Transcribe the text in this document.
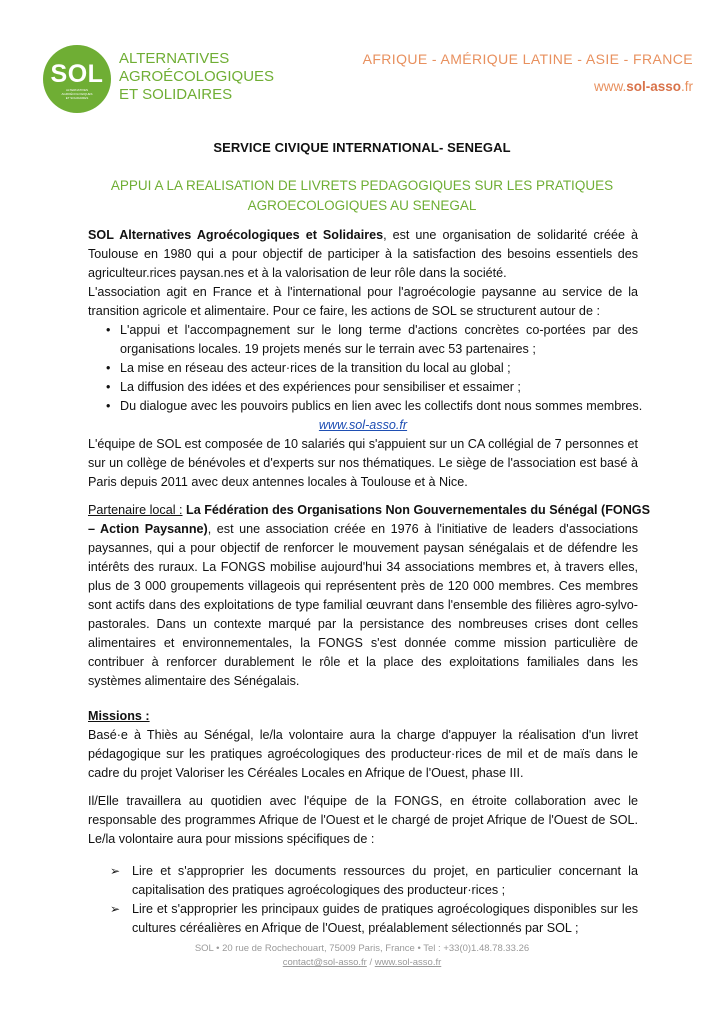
SOL
ALTERNATIVES
AGROÉCOLOGIQUES
ET SOLIDAIRES
ALTERNATIVES
AGROÉCOLOGIQUES
ET SOLIDAIRES
AFRIQUE - AMÉRIQUE LATINE - ASIE - FRANCE
www.sol-asso.fr
SERVICE CIVIQUE INTERNATIONAL- SENEGAL
APPUI A LA REALISATION DE LIVRETS PEDAGOGIQUES SUR LES PRATIQUES
AGROECOLOGIQUES AU SENEGAL
SOL Alternatives Agroécologiques et Solidaires, est une organisation de solidarité créée à
Toulouse en 1980 qui a pour objectif de participer à la satisfaction des besoins essentiels des
agriculteur.rices paysan.nes et à la valorisation de leur rôle dans la société.
L'association agit en France et à l'international pour l'agroécologie paysanne au service de la
transition agricole et alimentaire. Pour ce faire, les actions de SOL se structurent autour de :
• L'appui et l'accompagnement sur le long terme d'actions concrètes co-portées par des
organisations locales. 19 projets menés sur le terrain avec 53 partenaires ;
• La mise en réseau des acteur·rices de la transition du local au global ;
• La diffusion des idées et des expériences pour sensibiliser et essaimer ;
• Du dialogue avec les pouvoirs publics en lien avec les collectifs dont nous sommes membres.
www.sol-asso.fr
L'équipe de SOL est composée de 10 salariés qui s'appuient sur un CA collégial de 7 personnes et
sur un collège de bénévoles et d'experts sur nos thématiques. Le siège de l'association est basé à
Paris depuis 2011 avec deux antennes locales à Toulouse et à Nice.
Partenaire local : La Fédération des Organisations Non Gouvernementales du Sénégal (FONGS
– Action Paysanne), est une association créée en 1976 à l'initiative de leaders d'associations
paysannes, qui a pour objectif de renforcer le mouvement paysan sénégalais et de défendre les
intérêts des ruraux. La FONGS mobilise aujourd'hui 34 associations membres et, à travers elles,
plus de 3 000 groupements villageois qui représentent près de 120 000 membres. Ces membres
sont actifs dans des exploitations de type familial œuvrant dans l'ensemble des filières agro-sylvo-
pastorales. Dans un contexte marqué par la persistance des nombreuses crises dont celles
alimentaires et environnementales, la FONGS s'est donnée comme mission particulière de
contribuer à renforcer durablement le rôle et la place des exploitations familiales dans les
systèmes alimentaire des Sénégalais.
Missions :
Basé·e à Thiès au Sénégal, le/la volontaire aura la charge d'appuyer la réalisation d'un livret
pédagogique sur les pratiques agroécologiques des producteur·rices de mil et de maïs dans le
cadre du projet Valoriser les Céréales Locales en Afrique de l'Ouest, phase III.
Il/Elle travaillera au quotidien avec l'équipe de la FONGS, en étroite collaboration avec le
responsable des programmes Afrique de l'Ouest et le chargé de projet Afrique de l'Ouest de SOL.
Le/la volontaire aura pour missions spécifiques de :
➢ Lire et s'approprier les documents ressources du projet, en particulier concernant la
capitalisation des pratiques agroécologiques des producteur·rices ;
➢ Lire et s'approprier les principaux guides de pratiques agroécologiques disponibles sur les
cultures céréalières en Afrique de l'Ouest, préalablement sélectionnés par SOL ;
SOL • 20 rue de Rochechouart, 75009 Paris, France • Tel : +33(0)1.48.78.33.26
contact@sol-asso.fr / www.sol-asso.fr
